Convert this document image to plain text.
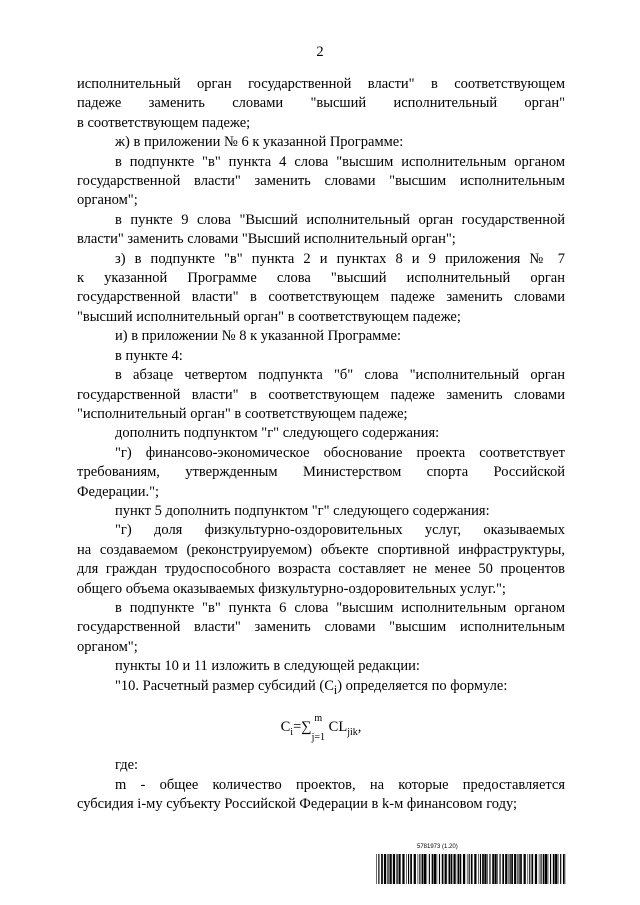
2

исполнительный орган государственной власти" в соответствующем

падеже заменить словами "высший исполнительный орган"

в соответствующем падеже;

ж) в приложении № 6 к указанной Программе:

в подпункте "в" пункта 4 слова "высшим исполнительным органом

государственной власти" заменить словами "высшим исполнительным

органом";

в пункте 9 слова "Высший исполнительный орган государственной

власти" заменить словами "Высший исполнительный орган";

з) в подпункте "в" пункта 2 и пунктах 8 и 9 приложения № 7

к указанной Программе слова "высший исполнительный орган

государственной власти" в соответствующем падеже заменить словами

"высший исполнительный орган" в соответствующем падеже;

и) в приложении № 8 к указанной Программе:

в пункте 4:

в абзаце четвертом подпункта "б" слова "исполнительный орган

государственной власти" в соответствующем падеже заменить словами

"исполнительный орган" в соответствующем падеже;

дополнить подпунктом "г" следующего содержания:

"г) финансово-экономическое обоснование проекта соответствует

требованиям, утвержденным Министерством спорта Российской

Федерации.";

пункт 5 дополнить подпунктом "г" следующего содержания:

"г) доля физкультурно-оздоровительных услуг, оказываемых

на создаваемом (реконструируемом) объекте спортивной инфраструктуры,

для граждан трудоспособного возраста составляет не менее 50 процентов

общего объема оказываемых физкультурно-оздоровительных услуг.";

в подпункте "в" пункта 6 слова "высшим исполнительным органом

государственной власти" заменить словами "высшим исполнительным

органом";

пункты 10 и 11 изложить в следующей редакции:

"10. Расчетный размер субсидий $(C_i)$ определяется по формуле:

$C_i=\sum^m$
$_{j=1}$ $CL_{jik}$,

где:

m - общее количество проектов, на которые предоставляется

субсидия i-му субъекту Российской Федерации в k-м финансовом году;

5781973 (1.20)
